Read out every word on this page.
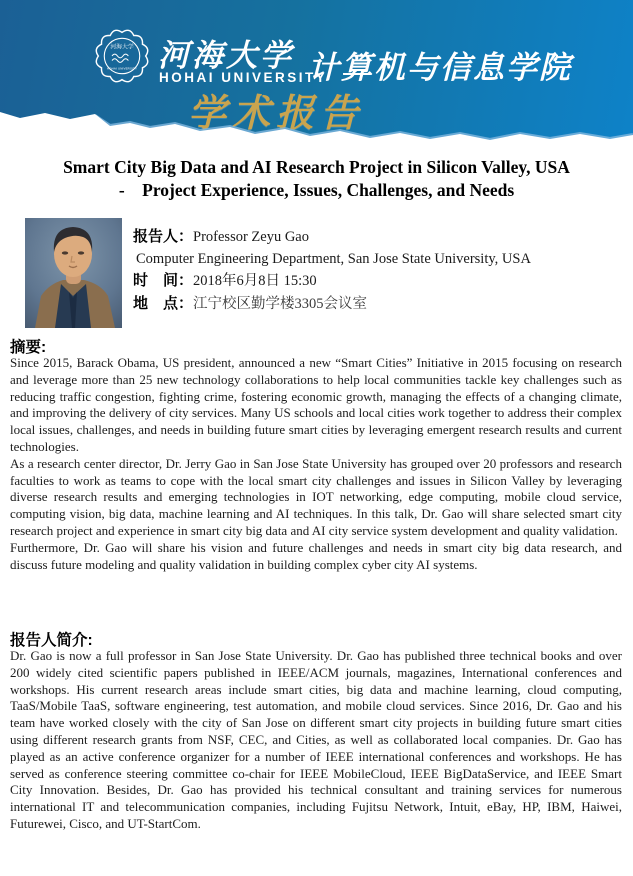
河海大学
HOHAI UNIVERSITY 河海大学
HOHAI UNIVERSITY
计算机与信息学院
学术报告
Smart City Big Data and AI Research Project in Silicon Valley, USA
-    Project Experience, Issues, Challenges, and Needs
报告人：Professor Zeyu Gao
Computer Engineering Department, San Jose State University, USA
时　间：2018年6月8日 15:30
地　点：江宁校区勤学楼3305会议室
摘要:

Since 2015, Barack Obama, US president, announced a new “Smart Cities” Initiative in 2015 focusing on research and leverage more than 25 new technology collaborations to help local communities tackle key challenges such as reducing traffic congestion, fighting crime, fostering economic growth, managing the effects of a changing climate, and improving the delivery of city services. Many US schools and local cities work together to address their complex local issues, challenges, and needs in building future smart cities by leveraging emergent research results and current technologies.

As a research center director, Dr. Jerry Gao in San Jose State University has grouped over 20 professors and research faculties to work as teams to cope with the local smart city challenges and issues in Silicon Valley by leveraging diverse research results and emerging technologies in IOT networking, edge computing, mobile cloud service, computing vision, big data, machine learning and AI techniques. In this talk, Dr. Gao will share selected smart city research project and experience in smart city big data and AI city service system development and quality validation.

Furthermore, Dr. Gao will share his vision and future challenges and needs in smart city big data research, and discuss future modeling and quality validation in building complex cyber city AI systems.

报告人简介:

Dr. Gao is now a full professor in San Jose State University. Dr. Gao has published three technical books and over 200 widely cited scientific papers published in IEEE/ACM journals, magazines, International conferences and workshops. His current research areas include smart cities, big data and machine learning, cloud computing, TaaS/Mobile TaaS, software engineering, test automation, and mobile cloud services. Since 2016, Dr. Gao and his team have worked closely with the city of San Jose on different smart city projects in building future smart cities using different research grants from NSF, CEC, and Cities, as well as collaborated local companies. Dr. Gao has played as an active conference organizer for a number of IEEE international conferences and workshops. He has served as conference steering committee co-chair for IEEE MobileCloud, IEEE BigDataService, and IEEE Smart City Innovation. Besides, Dr. Gao has provided his technical consultant and training services for numerous international IT and telecommunication companies, including Fujitsu Network, Intuit, eBay, HP, IBM, Haiwei, Futurewei, Cisco, and UT-StartCom.
